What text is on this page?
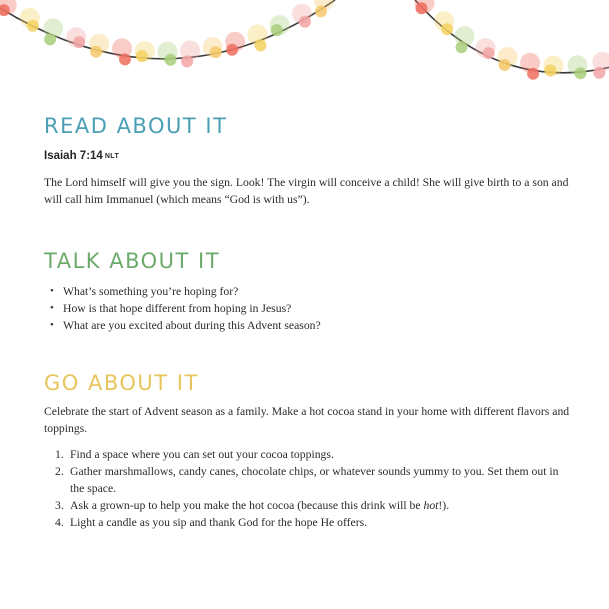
READ ABOUT IT

Isaiah 7:14 NLT

The Lord himself will give you the sign. Look! The virgin will conceive a child! She will give birth to a son and will call him Immanuel (which means “God is with us”).

TALK ABOUT IT
• What’s something you’re hoping for?
• How is that hope different from hoping in Jesus?
• What are you excited about during this Advent season?
GO ABOUT IT

Celebrate the start of Advent season as a family. Make a hot cocoa stand in your home with different flavors and toppings.

1. Find a space where you can set out your cocoa toppings.
2. Gather marshmallows, candy canes, chocolate chips, or whatever sounds yummy to you. Set them out in the space.
3. Ask a grown-up to help you make the hot cocoa (because this drink will be hot!).
4. Light a candle as you sip and thank God for the hope He offers.
